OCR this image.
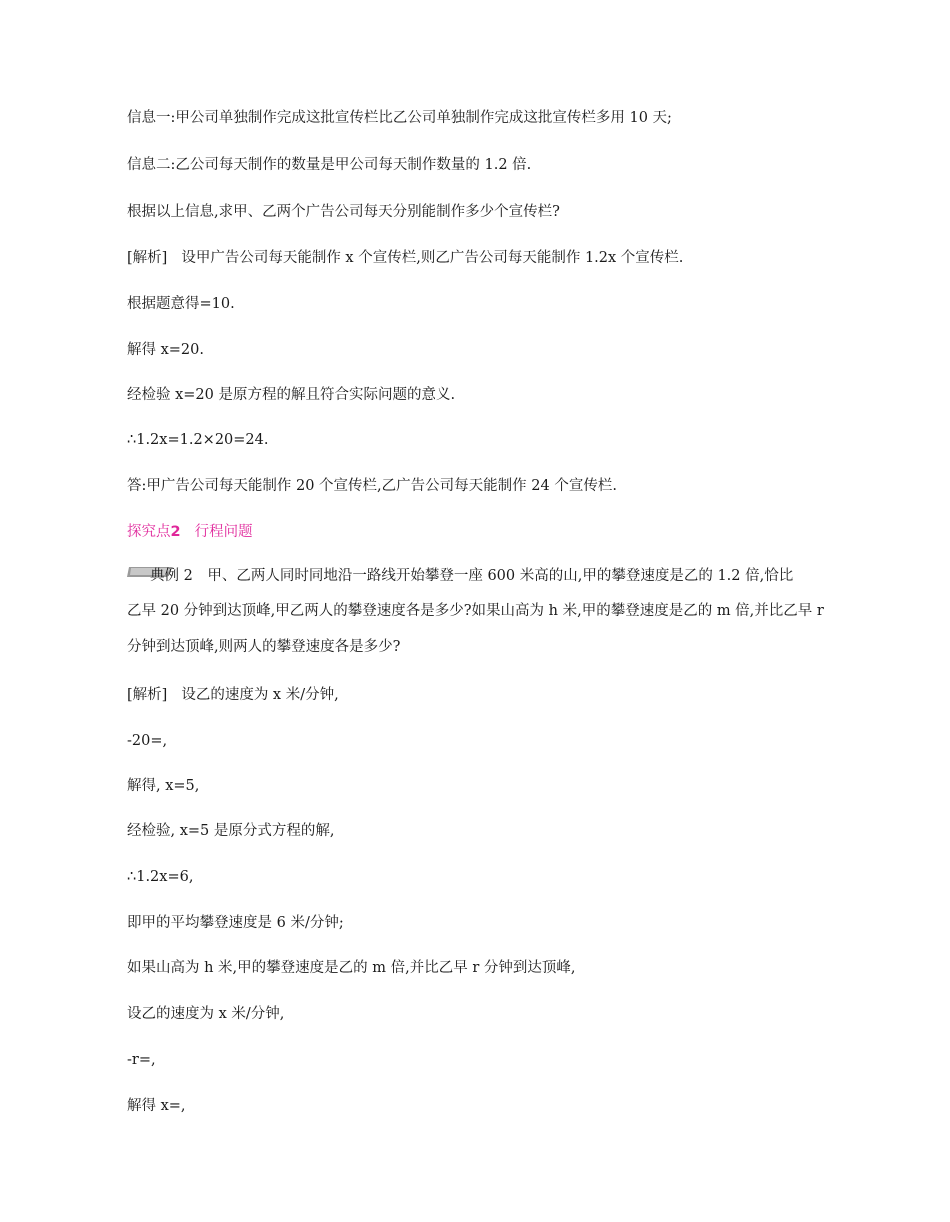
信息一:甲公司单独制作完成这批宣传栏比乙公司单独制作完成这批宣传栏多用 10 天;
信息二:乙公司每天制作的数量是甲公司每天制作数量的 1.2 倍.
根据以上信息,求甲、乙两个广告公司每天分别能制作多少个宣传栏?
[解析] 设甲广告公司每天能制作 x 个宣传栏,则乙广告公司每天能制作 1.2x 个宣传栏.
根据题意得=10.
解得 x=20.
经检验 x=20 是原方程的解且符合实际问题的意义.
∴1.2x=1.2×20=24.
答:甲广告公司每天能制作 20 个宣传栏,乙广告公司每天能制作 24 个宣传栏.
探究点2 行程问题
典例 2　甲、乙两人同时同地沿一路线开始攀登一座 600 米高的山,甲的攀登速度是乙的 1.2 倍,恰比
乙早 20 分钟到达顶峰,甲乙两人的攀登速度各是多少?如果山高为 h 米,甲的攀登速度是乙的 m 倍,并比乙早 r
分钟到达顶峰,则两人的攀登速度各是多少?
[解析] 设乙的速度为 x 米/分钟,
-20=,
解得, x=5,
经检验, x=5 是原分式方程的解,
∴1.2x=6,
即甲的平均攀登速度是 6 米/分钟;
如果山高为 h 米,甲的攀登速度是乙的 m 倍,并比乙早 r 分钟到达顶峰,
设乙的速度为 x 米/分钟,
-r=,
解得 x=,
